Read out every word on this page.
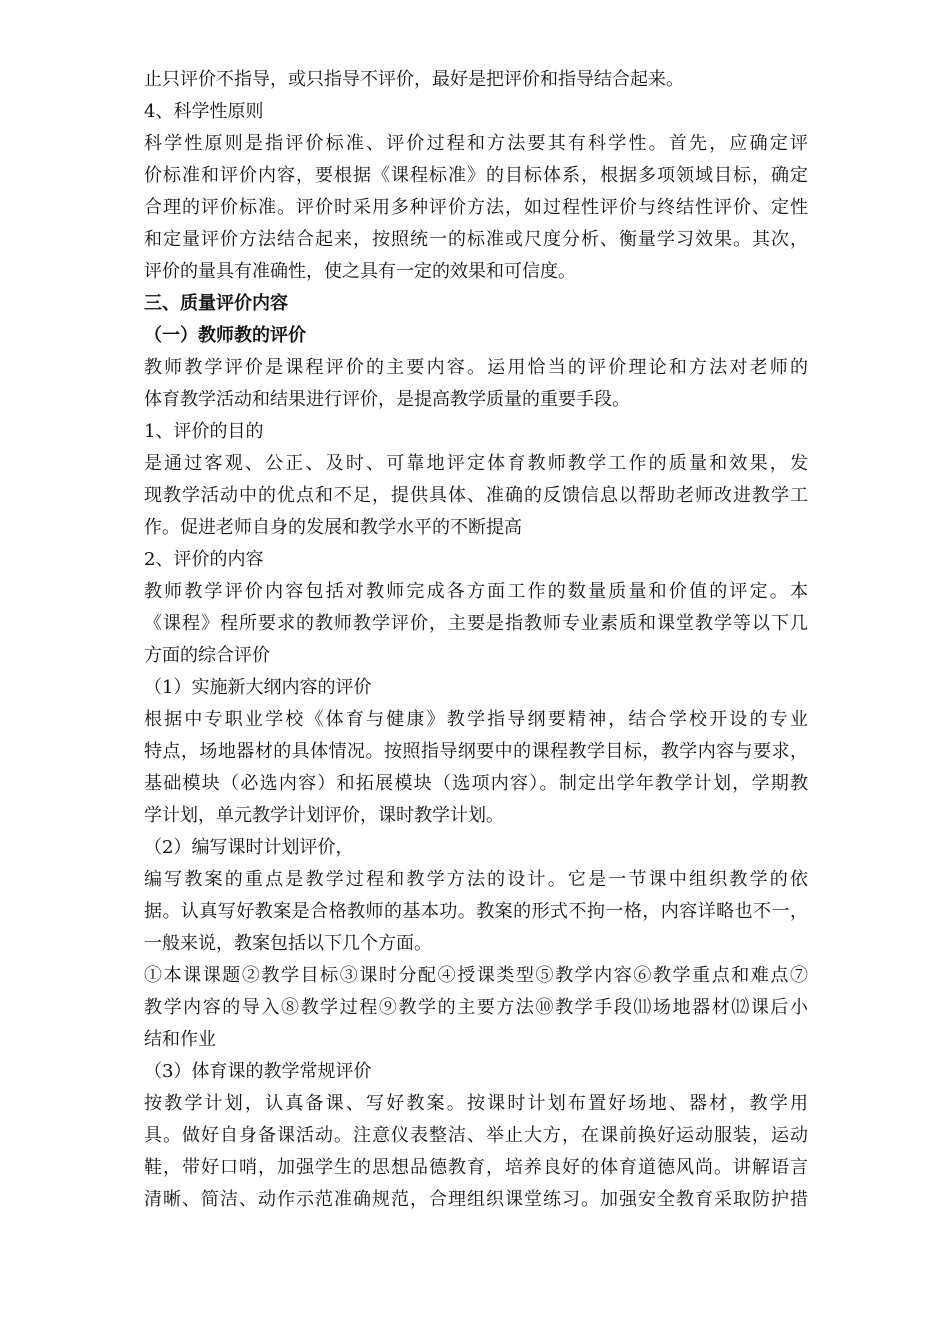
止只评价不指导，或只指导不评价，最好是把评价和指导结合起来。
4、科学性原则
科学性原则是指评价标准、评价过程和方法要其有科学性。首先，应确定评
价标准和评价内容，要根据《课程标准》的目标体系，根据多项领域目标，确定
合理的评价标准。评价时采用多种评价方法，如过程性评价与终结性评价、定性
和定量评价方法结合起来，按照统一的标准或尺度分析、衡量学习效果。其次，
评价的量具有准确性，使之具有一定的效果和可信度。
三、质量评价内容
（一）教师教的评价
教师教学评价是课程评价的主要内容。运用恰当的评价理论和方法对老师的
体育教学活动和结果进行评价，是提高教学质量的重要手段。
1、评价的目的
是通过客观、公正、及时、可靠地评定体育教师教学工作的质量和效果，发
现教学活动中的优点和不足，提供具体、准确的反馈信息以帮助老师改进教学工
作。促进老师自身的发展和教学水平的不断提高
2、评价的内容
教师教学评价内容包括对教师完成各方面工作的数量质量和价值的评定。本
《课程》程所要求的教师教学评价，主要是指教师专业素质和课堂教学等以下几
方面的综合评价
（1）实施新大纲内容的评价
根据中专职业学校《体育与健康》教学指导纲要精神，结合学校开设的专业
特点，场地器材的具体情况。按照指导纲要中的课程教学目标，教学内容与要求，
基础模块（必选内容）和拓展模块（选项内容）。制定出学年教学计划，学期教
学计划，单元教学计划评价，课时教学计划。
（2）编写课时计划评价，
编写教案的重点是教学过程和教学方法的设计。它是一节课中组织教学的依
据。认真写好教案是合格教师的基本功。教案的形式不拘一格，内容详略也不一，
一般来说，教案包括以下几个方面。
①本课课题②教学目标③课时分配④授课类型⑤教学内容⑥教学重点和难点⑦
教学内容的导入⑧教学过程⑨教学的主要方法⑩教学手段⑾场地器材⑿课后小
结和作业
（3）体育课的教学常规评价
按教学计划，认真备课、写好教案。按课时计划布置好场地、器材，教学用
具。做好自身备课活动。注意仪表整洁、举止大方，在课前换好运动服装，运动
鞋，带好口哨，加强学生的思想品德教育，培养良好的体育道德风尚。讲解语言
清晰、简洁、动作示范准确规范，合理组织课堂练习。加强安全教育采取防护措
